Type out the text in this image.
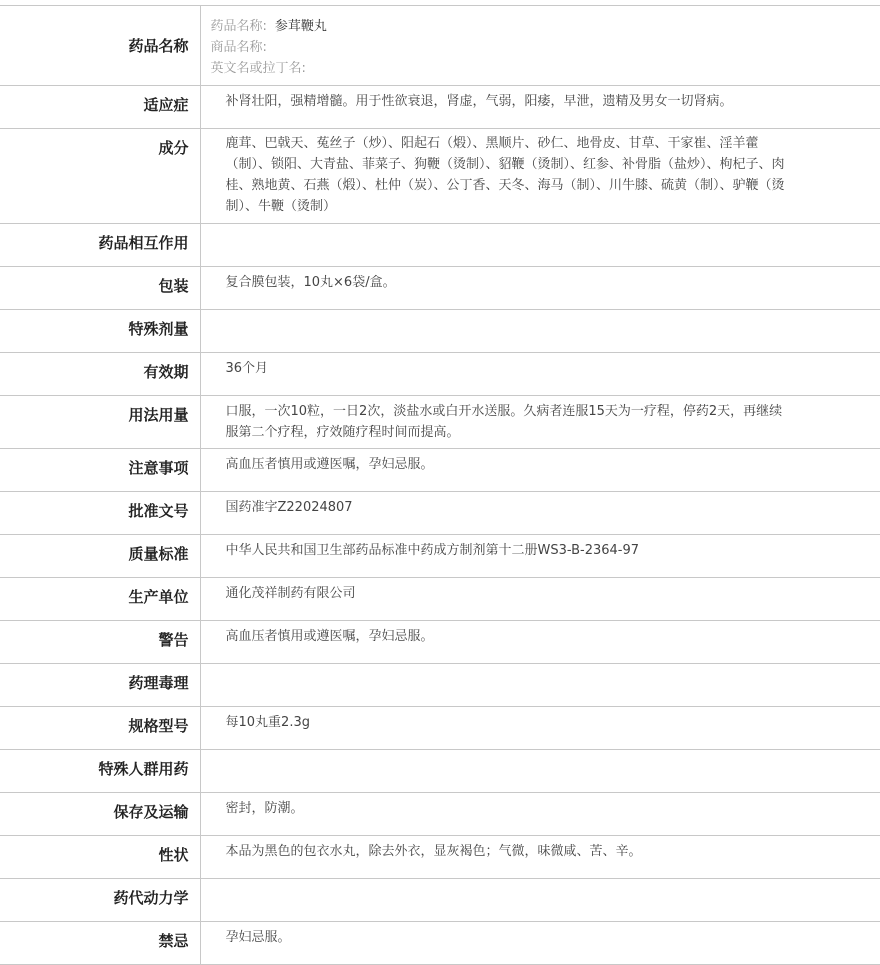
药品名称	药品名称: 参茸鞭丸
商品名称:
英文名或拉丁名:

适应症	补肾壮阳，强精增髓。用于性欲衰退，肾虚，气弱，阳痿，早泄，遗精及男女一切肾病。
成分	鹿茸、巴戟天、菟丝子（炒）、阳起石（煅）、黑顺片、砂仁、地骨皮、甘草、干家崔、淫羊藿（制）、锁阳、大青盐、菲菜子、狗鞭（烫制）、貂鞭（烫制）、红参、补骨脂（盐炒）、枸杞子、肉桂、熟地黄、石燕（煅）、杜仲（炭）、公丁香、天冬、海马（制）、川牛膝、硫黄（制）、驴鞭（烫制）、牛鞭（烫制）
药品相互作用	
包装	复合膜包装，10丸×6袋/盒。
特殊剂量	
有效期	36个月
用法用量	口服，一次10粒，一日2次，淡盐水或白开水送服。久病者连服15天为一疗程，停药2天，再继续服第二个疗程，疗效随疗程时间而提高。
注意事项	高血压者慎用或遵医嘱，孕妇忌服。
批准文号	国药准字Z22024807
质量标准	中华人民共和国卫生部药品标准中药成方制剂第十二册WS3-B-2364-97
生产单位	通化茂祥制药有限公司
警告	高血压者慎用或遵医嘱，孕妇忌服。
药理毒理	
规格型号	每10丸重2.3g
特殊人群用药	
保存及运输	密封，防潮。
性状	本品为黑色的包衣水丸，除去外衣，显灰褐色；气微，味微咸、苦、辛。
药代动力学	
禁忌	孕妇忌服。
